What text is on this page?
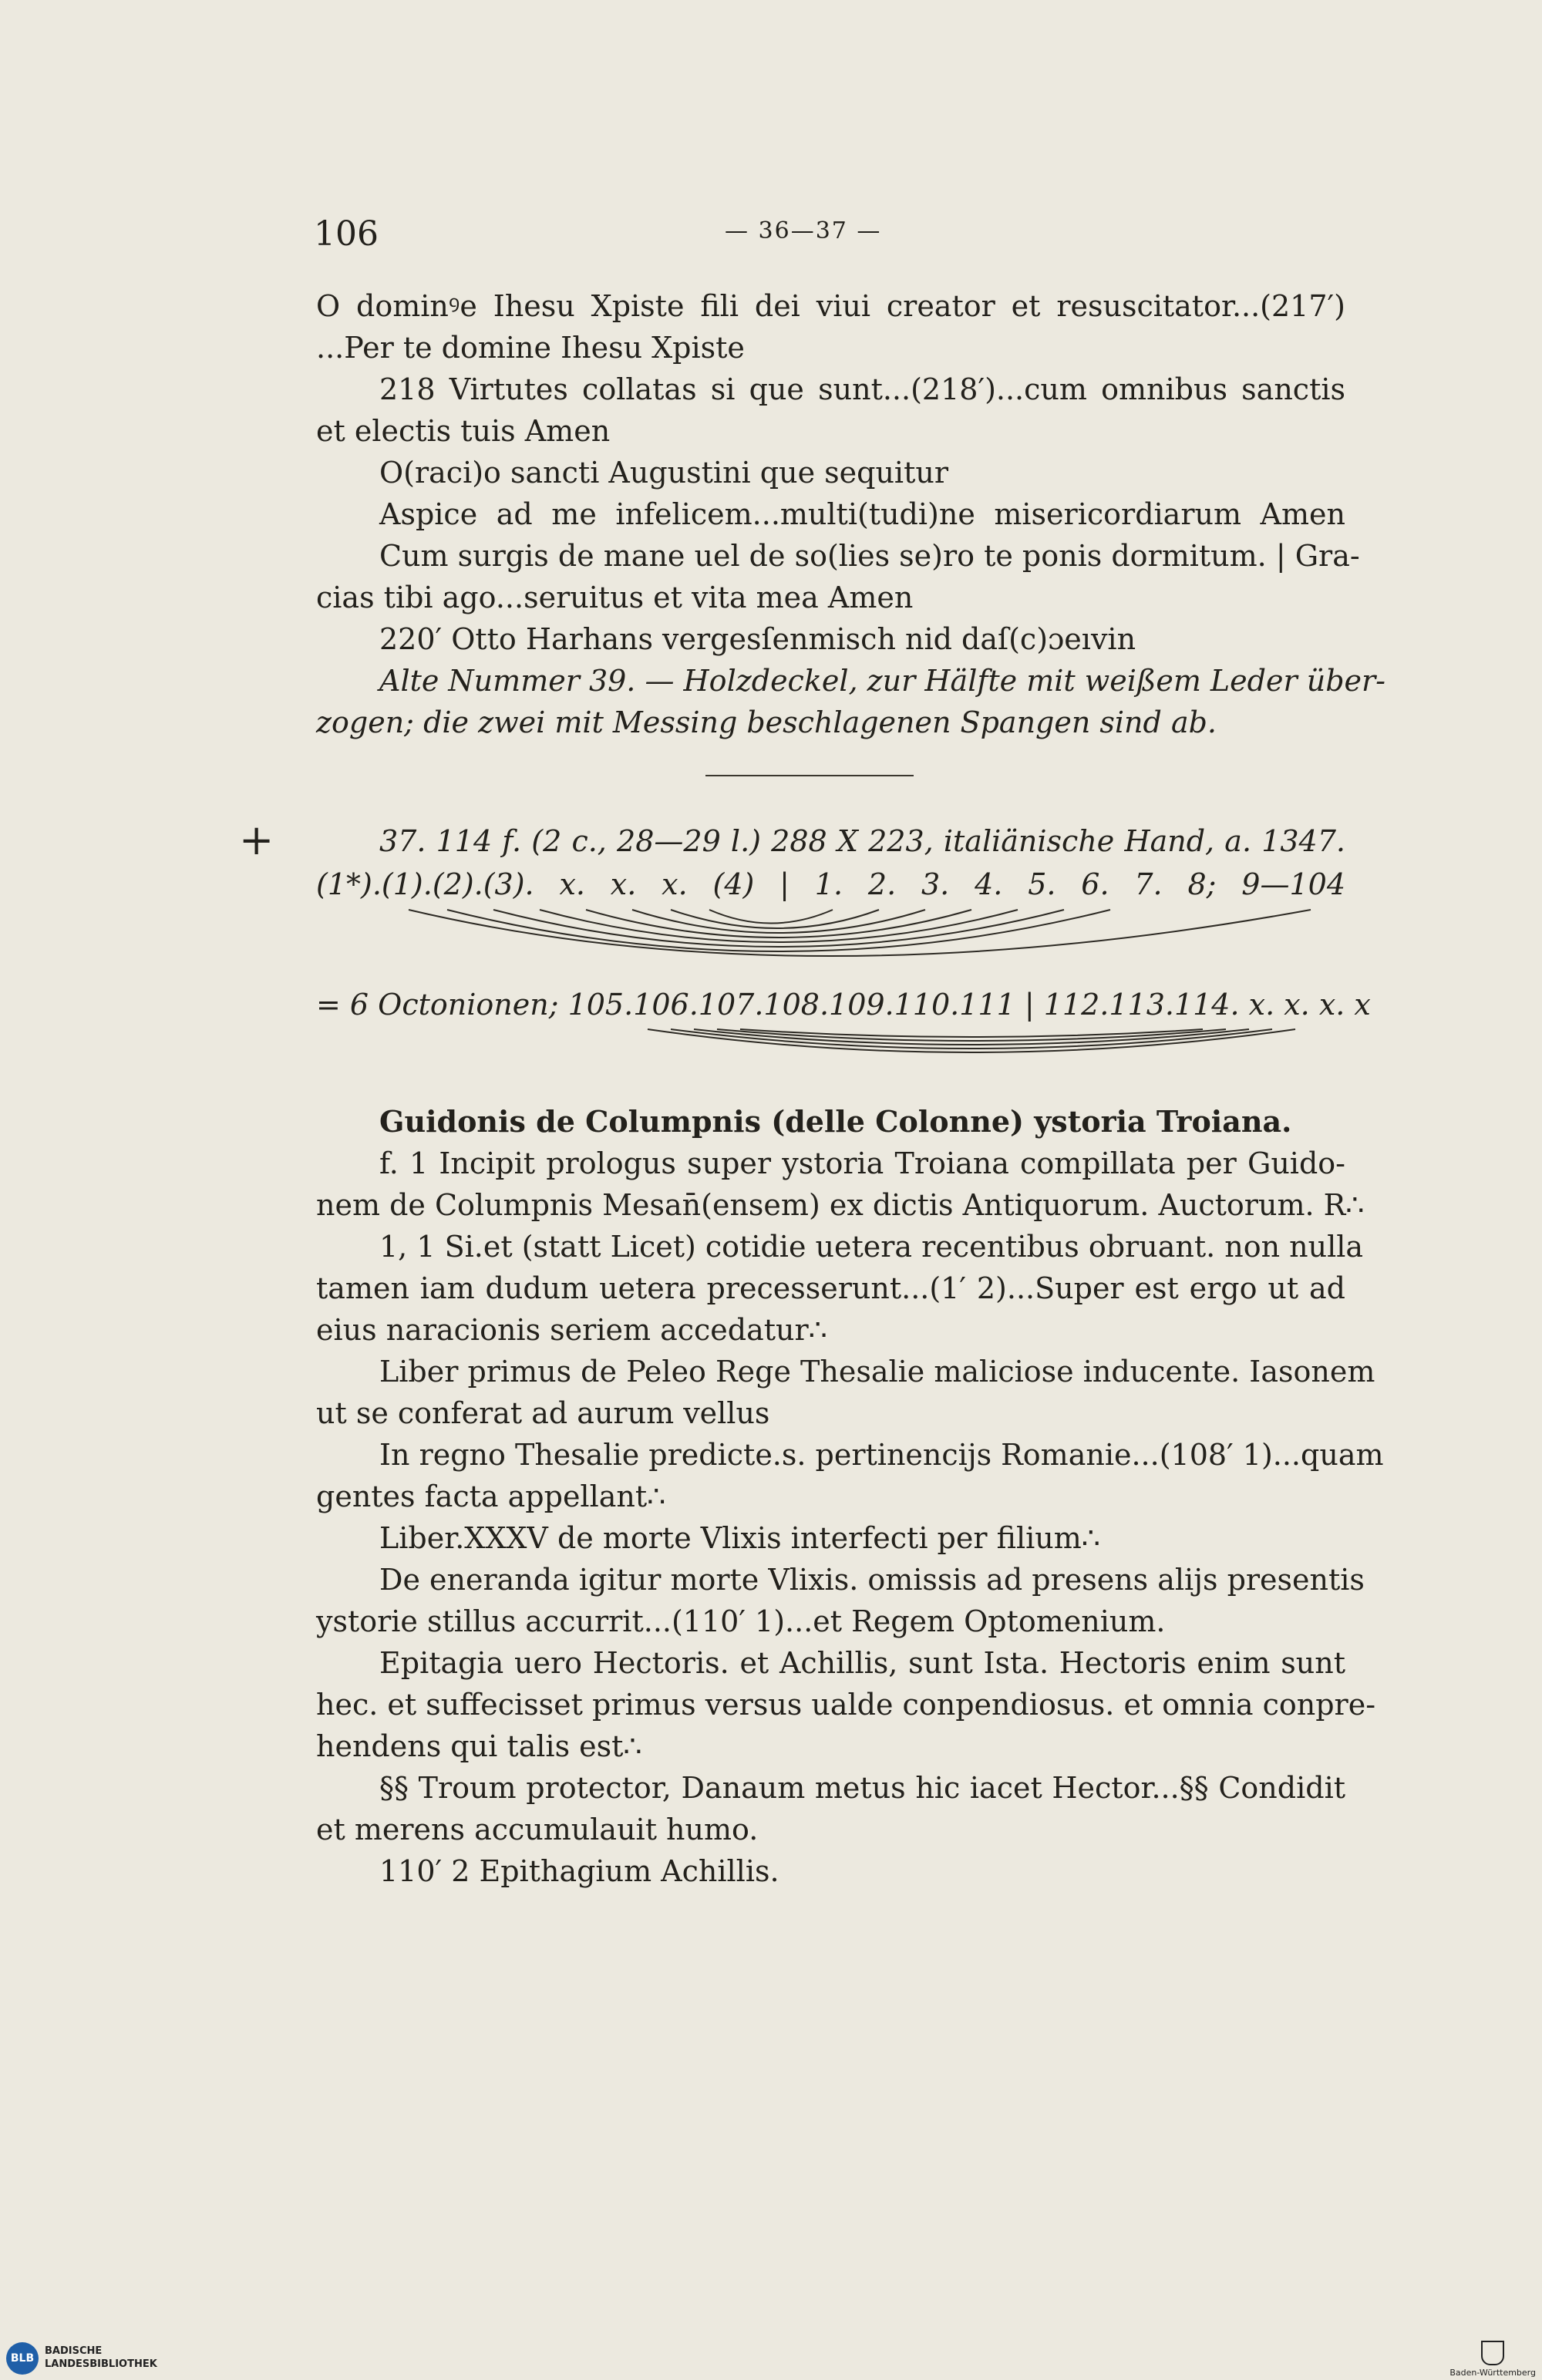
106	— 36—37 —
+
O dominꝰe Ihesu Xpiste fili dei viui creator et resuscitator...(217′)
...Per te domine Ihesu Xpiste
218 Virtutes collatas si que sunt...(218′)...cum omnibus sanctis
et electis tuis Amen
O(raci)o sancti Augustini que sequitur
Aspice ad me infelicem...multi(tudi)ne misericordiarum Amen
Cum surgis de mane uel de so(lies se)ro te ponis dormitum. | Gra-
cias tibi ago...seruitus et vita mea Amen
220′ Otto Harhans vergesſenmisch nid daſ(c)ɔeıvin
Alte Nummer 39. — Holzdeckel, zur Hälfte mit weißem Leder über-
zogen; die zwei mit Messing beschlagenen Spangen sind ab.
37. 114 f. (2 c., 28—29 l.) 288 X 223, italiänische Hand, a. 1347.
(1*).(1).(2).(3). x. x. x. (4) | 1. 2. 3. 4. 5. 6. 7. 8; 9—104
= 6 Octonionen; 105.106.107.108.109.110.111 | 112.113.114. x. x. x. x
Guidonis de Columpnis (delle Colonne) ystoria Troiana.
f. 1 Incipit prologus super ystoria Troiana compillata per Guido-
nem de Columpnis Mesan̄(ensem) ex dictis Antiquorum. Auctorum. R∴
1, 1 Si.et (statt Licet) cotidie uetera recentibus obruant. non nulla
tamen iam dudum uetera precesserunt...(1′ 2)...Super est ergo ut ad
eius naracionis seriem accedatur∴
Liber primus de Peleo Rege Thesalie maliciose inducente. Iasonem
ut se conferat ad aurum vellus
In regno Thesalie predicte.s. pertinencijs Romanie...(108′ 1)...quam
gentes facta appellant∴
Liber.XXXV de morte Vlixis interfecti per filium∴
De eneranda igitur morte Vlixis. omissis ad presens alijs presentis
ystorie stillus accurrit...(110′ 1)...et Regem Optomenium.
Epitagia uero Hectoris. et Achillis, sunt Ista. Hectoris enim sunt
hec. et suffecisset primus versus ualde conpendiosus. et omnia conpre-
hendens qui talis est∴
§§ Troum protector, Danaum metus hic iacet Hector...§§ Condidit
et merens accumulauit humo.
110′ 2 Epithagium Achillis.
BLB
BADISCHE
LANDESBIBLIOTHEK
Baden-Württemberg
